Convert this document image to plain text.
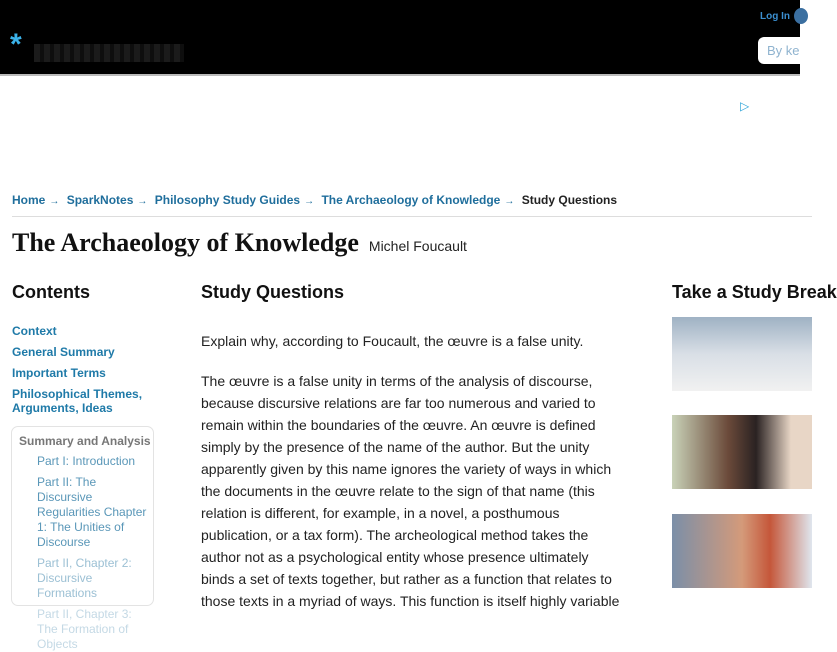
*
Log In
By ke
▷
Home → SparkNotes → Philosophy Study Guides → The Archaeology of Knowledge → Study Questions
The Archaeology of Knowledge Michel Foucault
Contents
Context
General Summary
Important Terms
Philosophical Themes, Arguments, Ideas
Summary and Analysis
Part I: Introduction
Part II: The Discursive Regularities Chapter 1: The Unities of Discourse
Part II, Chapter 2: Discursive Formations
Part II, Chapter 3: The Formation of Objects
Study Questions
Explain why, according to Foucault, the œuvre is a false unity.
The œuvre is a false unity in terms of the analysis of discourse,
because discursive relations are far too numerous and varied to
remain within the boundaries of the œuvre. An œuvre is defined
simply by the presence of the name of the author. But the unity
apparently given by this name ignores the variety of ways in which
the documents in the œuvre relate to the sign of that name (this
relation is different, for example, in a novel, a posthumous
publication, or a tax form). The archeological method takes the
author not as a psychological entity whose presence ultimately
binds a set of texts together, but rather as a function that relates to
those texts in a myriad of ways. This function is itself highly variable
Take a Study Break
